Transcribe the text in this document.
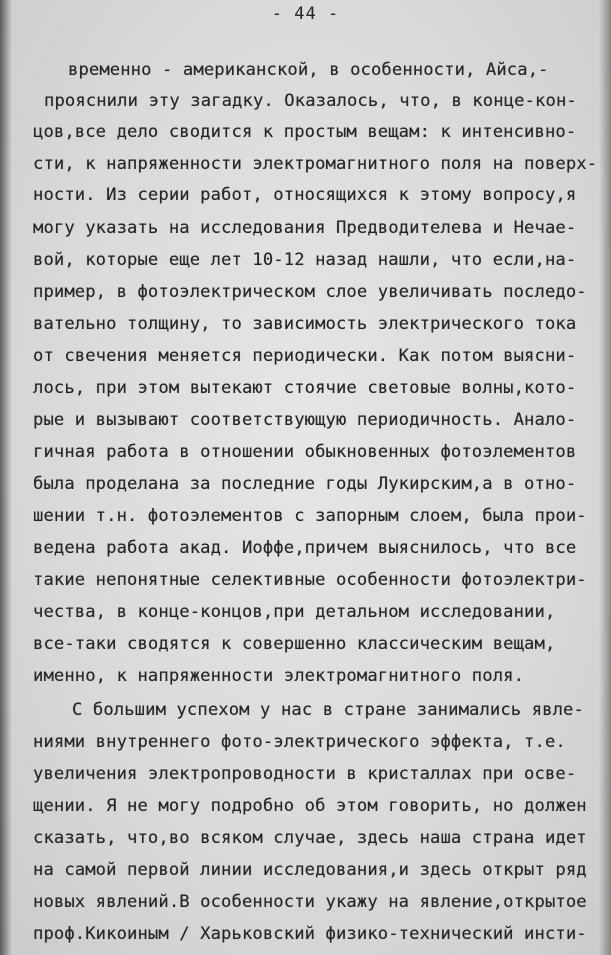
- 44 -
временно - американской, в особенности, Айса,-
прояснили эту загадку. Оказалось, что, в конце-кон-
цов,все дело сводится к простым вещам: к интенсивно-
сти, к напряженности электромагнитного поля на поверх-
ности. Из серии работ, относящихся к этому вопросу,я
могу указать на исследования Предводителева и Нечае-
вой, которые еще лет 10-12 назад нашли, что если,на-
пример, в фотоэлектрическом слое увеличивать последо-
вательно толщину, то зависимость электрического тока
от свечения меняется периодически. Как потом выясни-
лось, при этом вытекают стоячие световые волны,кото-
рые и вызывают соответствующую периодичность. Анало-
гичная работа в отношении обыкновенных фотоэлементов
была проделана за последние годы Лукирским,а в отно-
шении т.н. фотоэлементов с запорным слоем, была прои-
ведена работа акад. Иоффе,причем выяснилось, что все
такие непонятные селективные особенности фотоэлектри-
чества, в конце-концов,при детальном исследовании,
все-таки сводятся к совершенно классическим вещам,
именно, к напряженности электромагнитного поля.
С большим успехом у нас в стране занимались явле-
ниями внутреннего фото-электрического эффекта, т.е.
увеличения электропроводности в кристаллах при осве-
щении. Я не могу подробно об этом говорить, но должен
сказать, что,во всяком случае, здесь наша страна идет
на самой первой линии исследования,и здесь открыт ряд
новых явлений.В особенности укажу на явление,открытое
проф.Кикоиным / Харьковский физико-технический инсти-
